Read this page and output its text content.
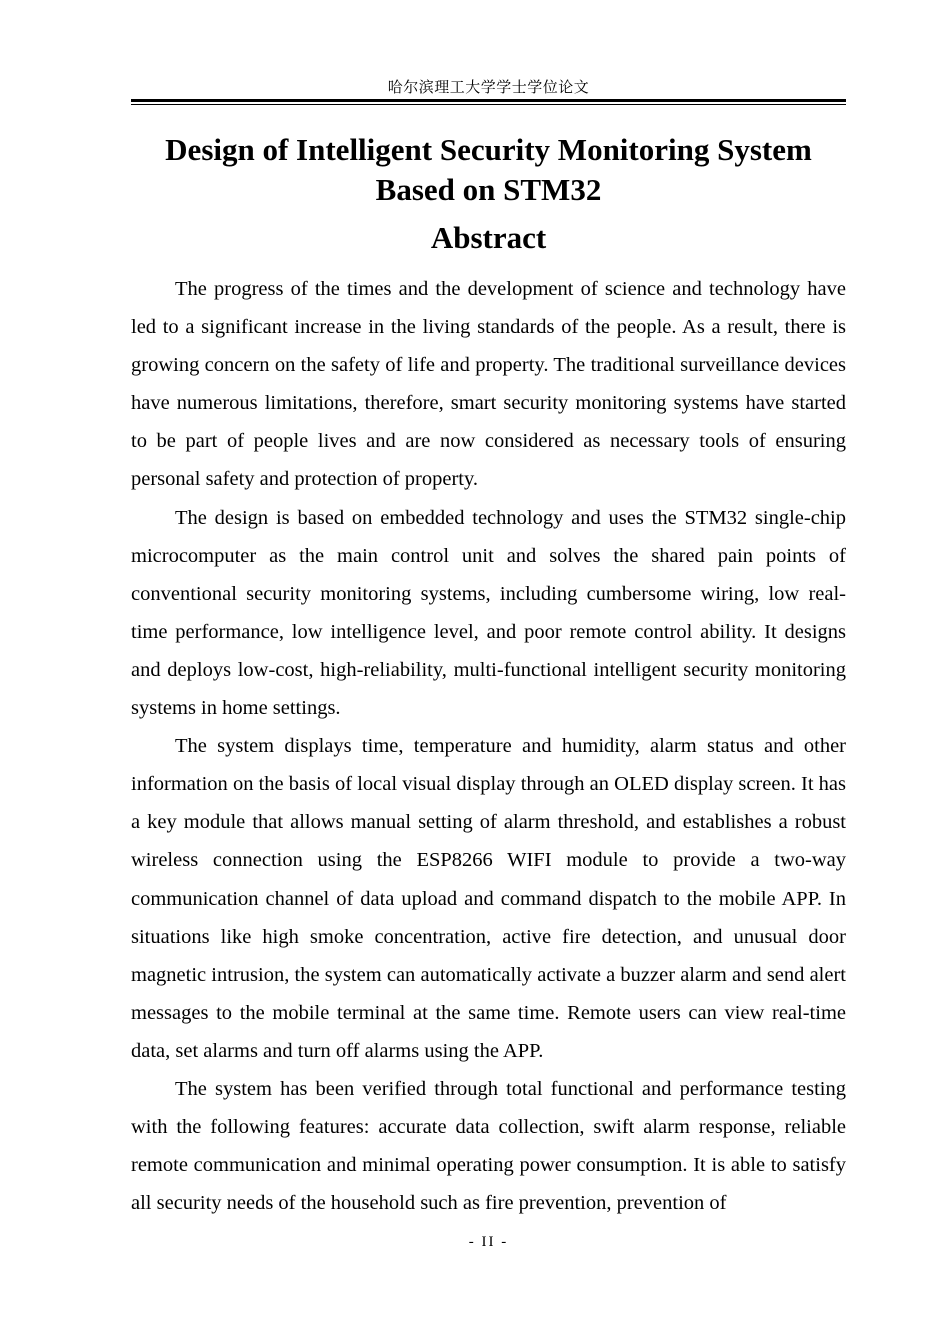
哈尔滨理工大学学士学位论文
Design of Intelligent Security Monitoring System
Based on STM32
Abstract

The progress of the times and the development of science and technology have led to a significant increase in the living standards of the people. As a result, there is growing concern on the safety of life and property. The traditional surveillance devices have numerous limitations, therefore, smart security monitoring systems have started to be part of people lives and are now considered as necessary tools of ensuring personal safety and protection of property.

The design is based on embedded technology and uses the STM32 single-chip microcomputer as the main control unit and solves the shared pain points of conventional security monitoring systems, including cumbersome wiring, low real-time performance, low intelligence level, and poor remote control ability. It designs and deploys low-cost, high-reliability, multi-functional intelligent security monitoring systems in home settings.

The system displays time, temperature and humidity, alarm status and other information on the basis of local visual display through an OLED display screen. It has a key module that allows manual setting of alarm threshold, and establishes a robust wireless connection using the ESP8266 WIFI module to provide a two-way communication channel of data upload and command dispatch to the mobile APP. In situations like high smoke concentration, active fire detection, and unusual door magnetic intrusion, the system can automatically activate a buzzer alarm and send alert messages to the mobile terminal at the same time. Remote users can view real-time data, set alarms and turn off alarms using the APP.

The system has been verified through total functional and performance testing with the following features: accurate data collection, swift alarm response, reliable remote communication and minimal operating power consumption. It is able to satisfy all security needs of the household such as fire prevention, prevention of

- II -
